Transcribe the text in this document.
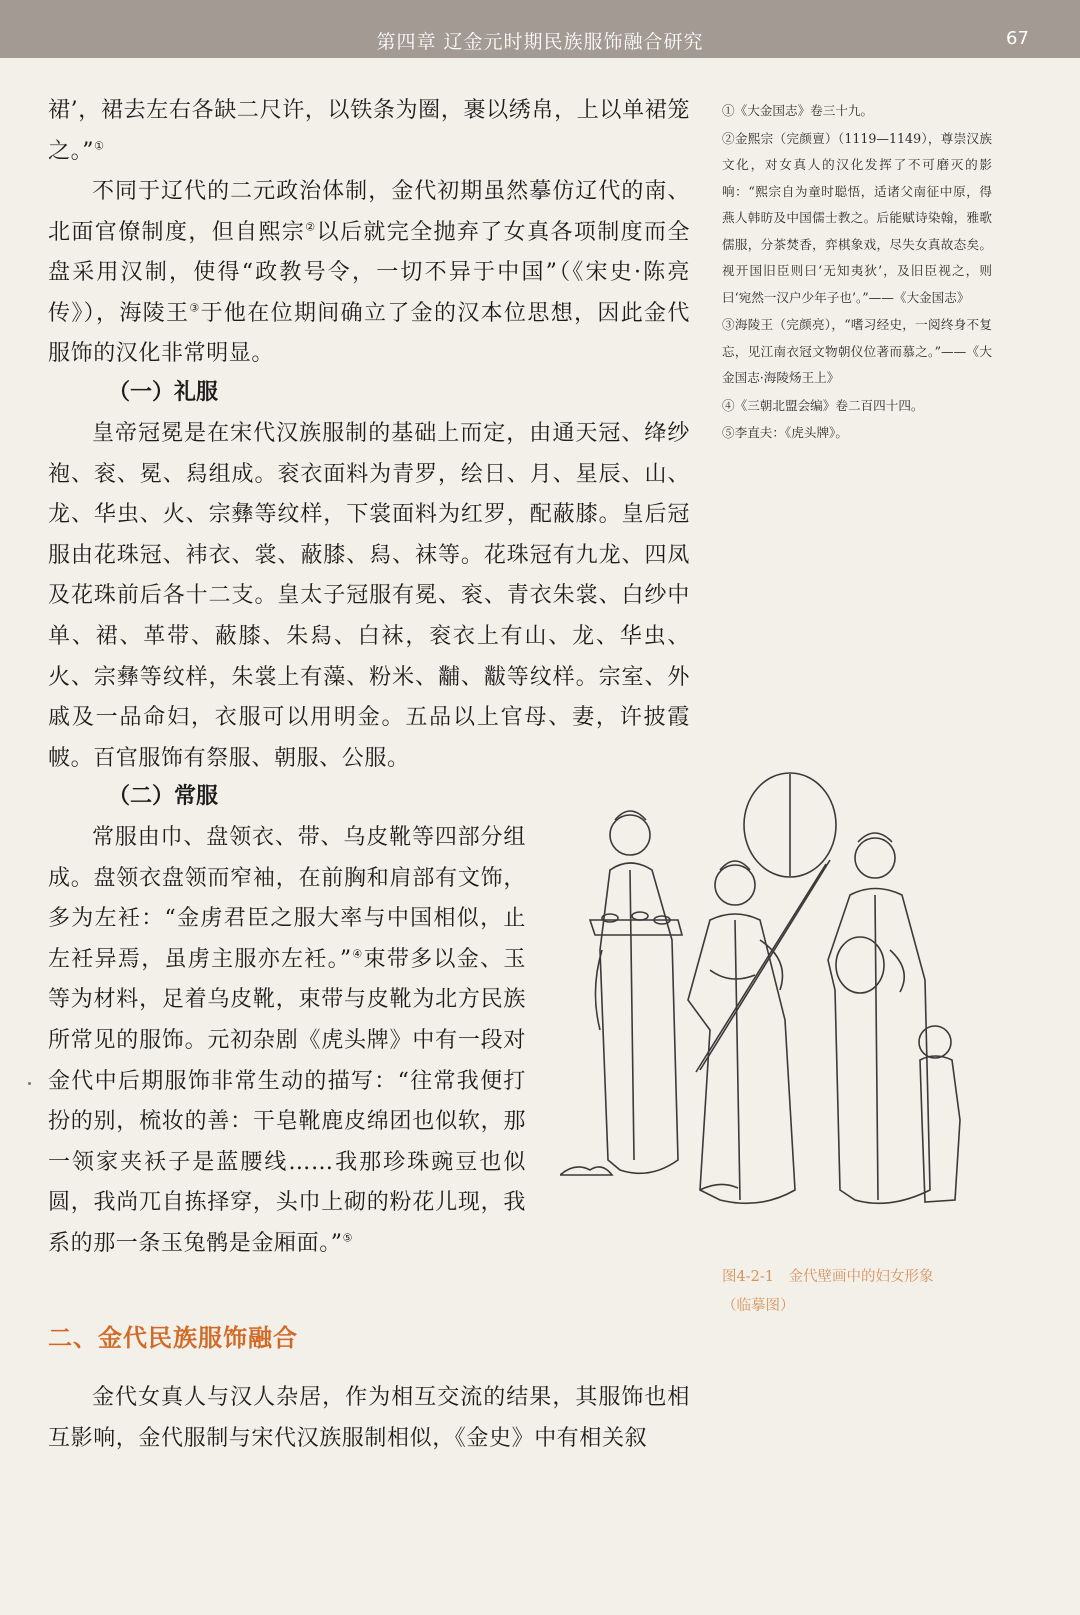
第四章 辽金元时期民族服饰融合研究	67

裙’，裙去左右各缺二尺许，以铁条为圈，裹以绣帛，上以单裙笼之。”①

不同于辽代的二元政治体制，金代初期虽然摹仿辽代的南、北面官僚制度，但自熙宗②以后就完全抛弃了女真各项制度而全盘采用汉制，使得“政教号令，一切不异于中国”（《宋史·陈亮传》），海陵王③于他在位期间确立了金的汉本位思想，因此金代服饰的汉化非常明显。

（一）礼服

皇帝冠冕是在宋代汉族服制的基础上而定，由通天冠、绛纱袍、衮、冕、舄组成。衮衣面料为青罗，绘日、月、星辰、山、龙、华虫、火、宗彝等纹样，下裳面料为红罗，配蔽膝。皇后冠服由花珠冠、袆衣、裳、蔽膝、舄、袜等。花珠冠有九龙、四凤及花珠前后各十二支。皇太子冠服有冕、衮、青衣朱裳、白纱中单、裙、革带、蔽膝、朱舄、白袜，衮衣上有山、龙、华虫、火、宗彝等纹样，朱裳上有藻、粉米、黼、黻等纹样。宗室、外戚及一品命妇，衣服可以用明金。五品以上官母、妻，许披霞帔。百官服饰有祭服、朝服、公服。

（二）常服

常服由巾、盘领衣、带、乌皮靴等四部分组成。盘领衣盘领而窄袖，在前胸和肩部有文饰，多为左衽：“金虏君臣之服大率与中国相似，止左衽异焉，虽虏主服亦左衽。”④束带多以金、玉等为材料，足着乌皮靴，束带与皮靴为北方民族所常见的服饰。元初杂剧《虎头牌》中有一段对金代中后期服饰非常生动的描写：“往常我便打扮的别，梳妆的善：干皂靴鹿皮绵团也似软，那一领家夹袄子是蓝腰线……我那珍珠豌豆也似圆，我尚兀自拣择穿，头巾上砌的粉花儿现，我系的那一条玉兔鹘是金厢面。”⑤

二、金代民族服饰融合

金代女真人与汉人杂居，作为相互交流的结果，其服饰也相互影响，金代服制与宋代汉族服制相似，《金史》中有相关叙

①《大金国志》卷三十九。

②金熙宗（完颜亶）（1119—1149），尊崇汉族文化，对女真人的汉化发挥了不可磨灭的影响：“熙宗自为童时聪悟，适诸父南征中原，得燕人韩昉及中国儒士教之。后能赋诗染翰，雅歌儒服，分茶焚香，弈棋象戏，尽失女真故态矣。视开国旧臣则曰‘无知夷狄’，及旧臣视之，则曰‘宛然一汉户少年子也’。”——《大金国志》

③海陵王（完颜亮），“嗜习经史，一阅终身不复忘，见江南衣冠文物朝仪位著而慕之。”——《大金国志·海陵炀王上》

④《三朝北盟会编》卷二百四十四。

⑤李直夫：《虎头牌》。

图4-2-1　金代壁画中的妇女形象
（临摹图）
